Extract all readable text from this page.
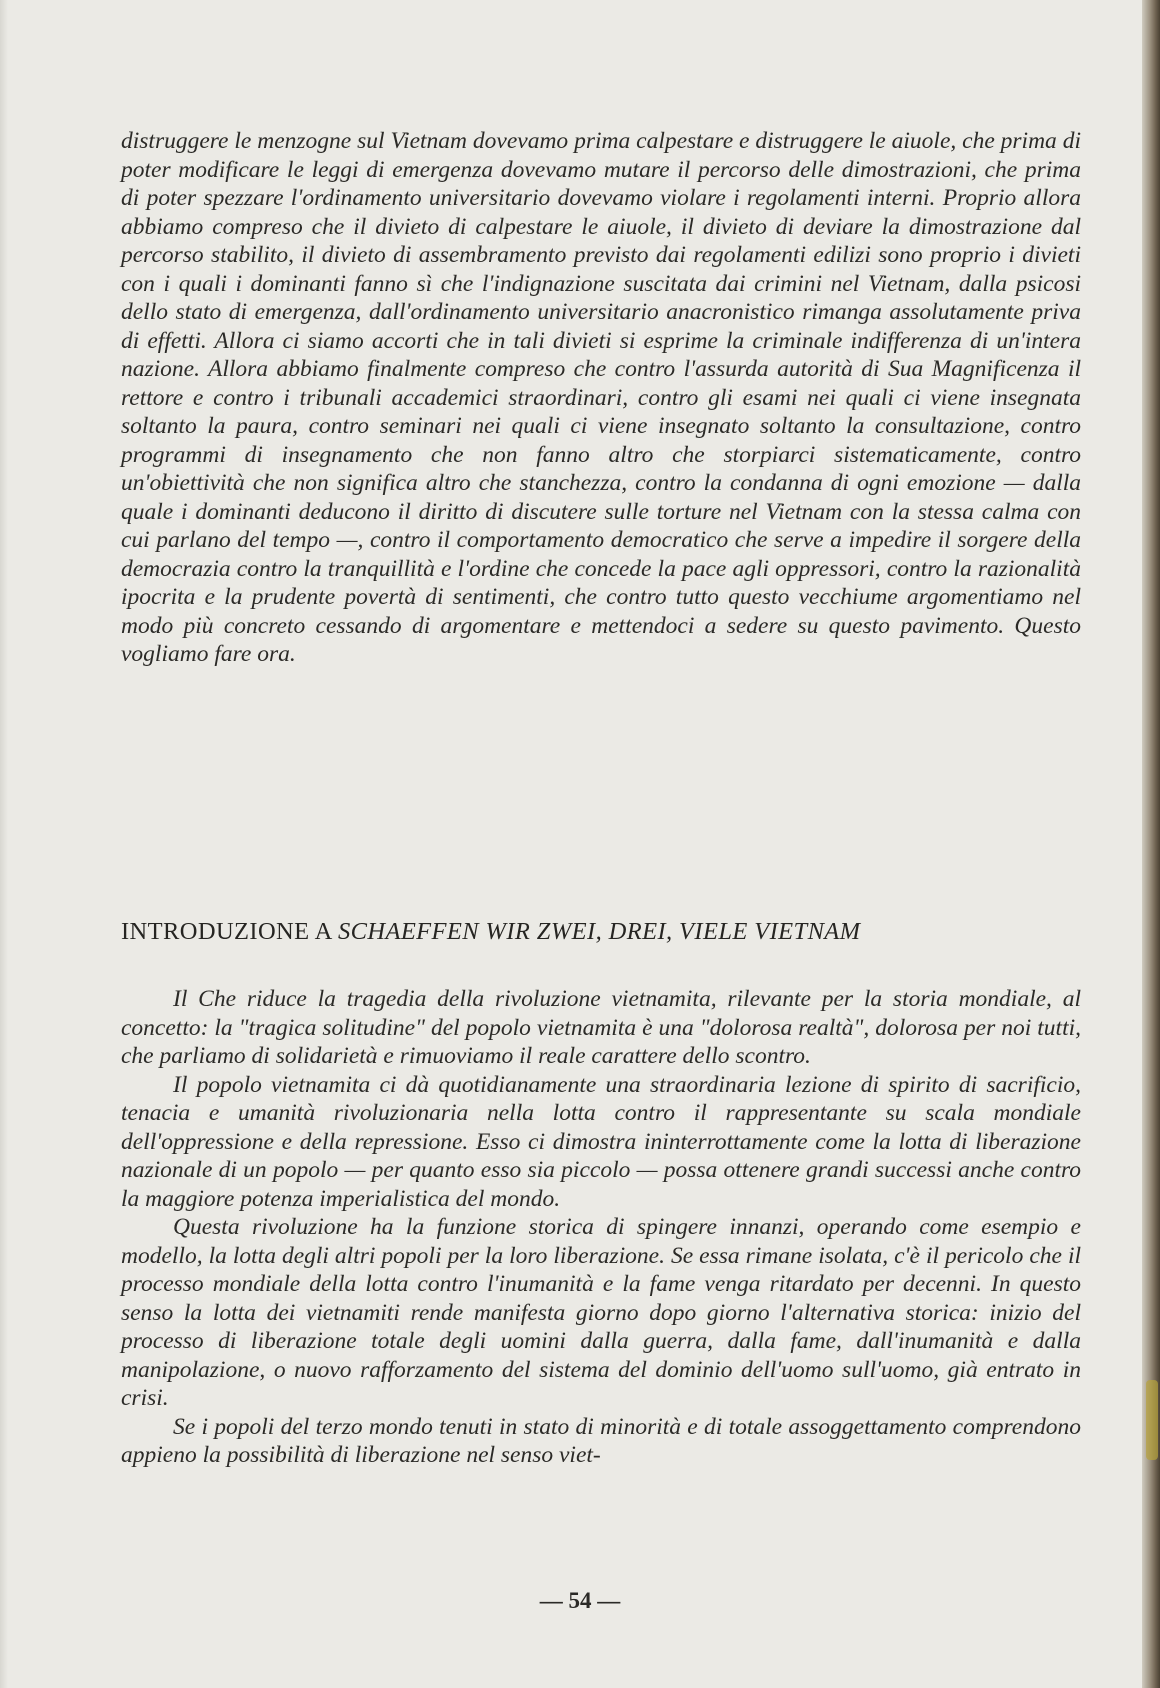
distruggere le menzogne sul Vietnam dovevamo prima calpestare e distruggere le aiuole, che prima di poter modificare le leggi di emergenza dovevamo mutare il percorso delle dimostrazioni, che prima di poter spezzare l'ordinamento universitario dovevamo violare i regolamenti interni. Proprio allora abbiamo compreso che il divieto di calpestare le aiuole, il divieto di deviare la dimostrazione dal percorso stabilito, il divieto di assembramento previsto dai regolamenti edilizi sono proprio i divieti con i quali i dominanti fanno sì che l'indignazione suscitata dai crimini nel Vietnam, dalla psicosi dello stato di emergenza, dall'ordinamento universitario anacronistico rimanga assolutamente priva di effetti. Allora ci siamo accorti che in tali divieti si esprime la criminale indifferenza di un'intera nazione. Allora abbiamo finalmente compreso che contro l'assurda autorità di Sua Magnificenza il rettore e contro i tribunali accademici straordinari, contro gli esami nei quali ci viene insegnata soltanto la paura, contro seminari nei quali ci viene insegnato soltanto la consultazione, contro programmi di insegnamento che non fanno altro che storpiarci sistematicamente, contro un'obiettività che non significa altro che stanchezza, contro la condanna di ogni emozione — dalla quale i dominanti deducono il diritto di discutere sulle torture nel Vietnam con la stessa calma con cui parlano del tempo —, contro il comportamento democratico che serve a impedire il sorgere della democrazia contro la tranquillità e l'ordine che concede la pace agli oppressori, contro la razionalità ipocrita e la prudente povertà di sentimenti, che contro tutto questo vecchiume argomentiamo nel modo più concreto cessando di argomentare e mettendoci a sedere su questo pavimento. Questo vogliamo fare ora.

INTRODUZIONE A SCHAEFFEN WIR ZWEI, DREI, VIELE VIETNAM

Il Che riduce la tragedia della rivoluzione vietnamita, rilevante per la storia mondiale, al concetto: la "tragica solitudine" del popolo vietnamita è una "dolorosa realtà", dolorosa per noi tutti, che parliamo di solidarietà e rimuoviamo il reale carattere dello scontro.

Il popolo vietnamita ci dà quotidianamente una straordinaria lezione di spirito di sacrificio, tenacia e umanità rivoluzionaria nella lotta contro il rappresentante su scala mondiale dell'oppressione e della repressione. Esso ci dimostra ininterrottamente come la lotta di liberazione nazionale di un popolo — per quanto esso sia piccolo — possa ottenere grandi successi anche contro la maggiore potenza imperialistica del mondo.

Questa rivoluzione ha la funzione storica di spingere innanzi, operando come esempio e modello, la lotta degli altri popoli per la loro liberazione. Se essa rimane isolata, c'è il pericolo che il processo mondiale della lotta contro l'inumanità e la fame venga ritardato per decenni. In questo senso la lotta dei vietnamiti rende manifesta giorno dopo giorno l'alternativa storica: inizio del processo di liberazione totale degli uomini dalla guerra, dalla fame, dall'inumanità e dalla manipolazione, o nuovo rafforzamento del sistema del dominio dell'uomo sull'uomo, già entrato in crisi.

Se i popoli del terzo mondo tenuti in stato di minorità e di totale assoggettamento comprendono appieno la possibilità di liberazione nel senso viet-

— 54 —
